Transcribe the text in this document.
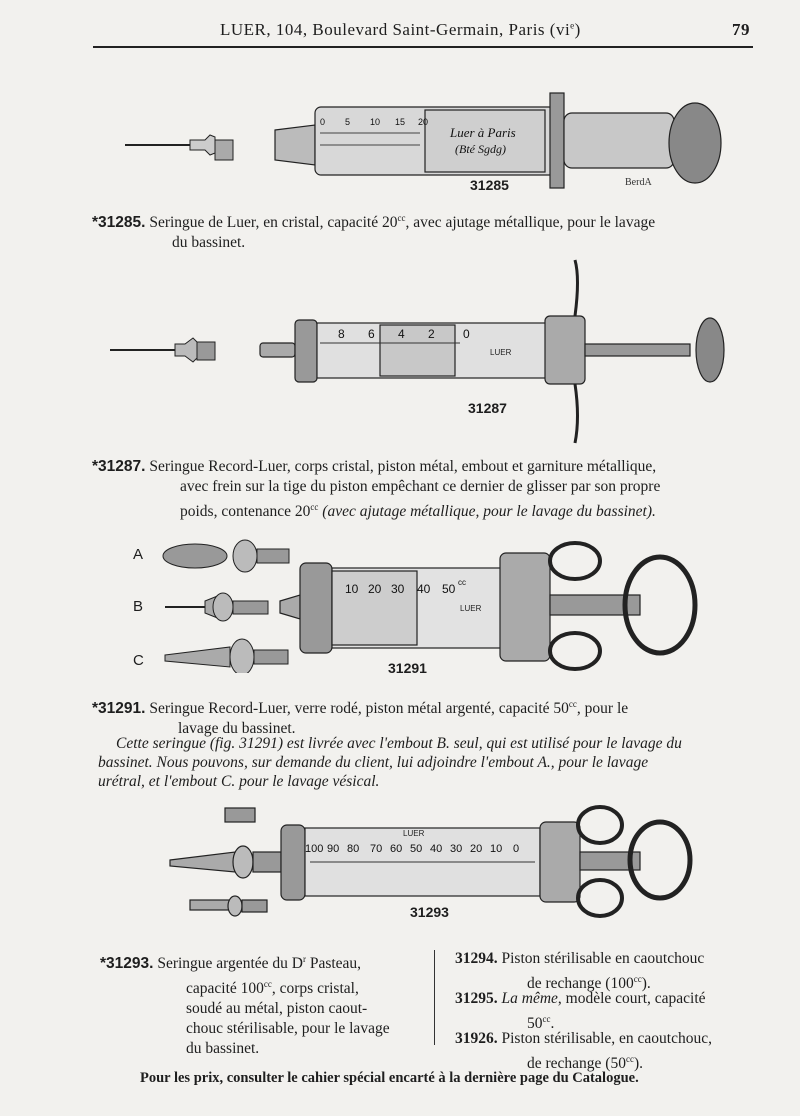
LUER, 104, Boulevard Saint-Germain, Paris $(vi^e)$	79
0 5 10 15 20
Luer à Paris
(Bté Sgdg)
BerdA
31285
*31285. Seringue de Luer, en cristal, capacité $20^{cc}$, avec ajutage métallique, pour le lavage
du bassinet.
8 6 4 2 0
LUER
31287
*31287. Seringue Record-Luer, corps cristal, piston métal, embout et garniture métallique,
avec frein sur la tige du piston empêchant ce dernier de glisser par son propre
poids, contenance $20^{cc}$ (avec ajutage métallique, pour le lavage du bassinet).
A
B
C
10 20 30 40 50 cc
LUER
31291
*31291. Seringue Record-Luer, verre rodé, piston métal argenté, capacité $50^{cc}$, pour le
lavage du bassinet.
Cette seringue (fig. 31291) est livrée avec l'embout B. seul, qui est utilisé pour le lavage du
bassinet. Nous pouvons, sur demande du client, lui adjoindre l'embout A., pour le lavage
urétral, et l'embout C. pour le lavage vésical.
100 90 80 70 60 50 40 30 20 10 0
LUER
31293
*31293. Seringue argentée du $D^r$ Pasteau,
capacité $100^{cc}$, corps cristal,
soudé au métal, piston caout-
chouc stérilisable, pour le lavage
du bassinet.
31294. Piston stérilisable en caoutchouc
de rechange $(100^{cc})$.
31295. La même, modèle court, capacité
$50^{cc}$.
31926. Piston stérilisable, en caoutchouc,
de rechange $(50^{cc})$.
Pour les prix, consulter le cahier spécial encarté à la dernière page du Catalogue.
